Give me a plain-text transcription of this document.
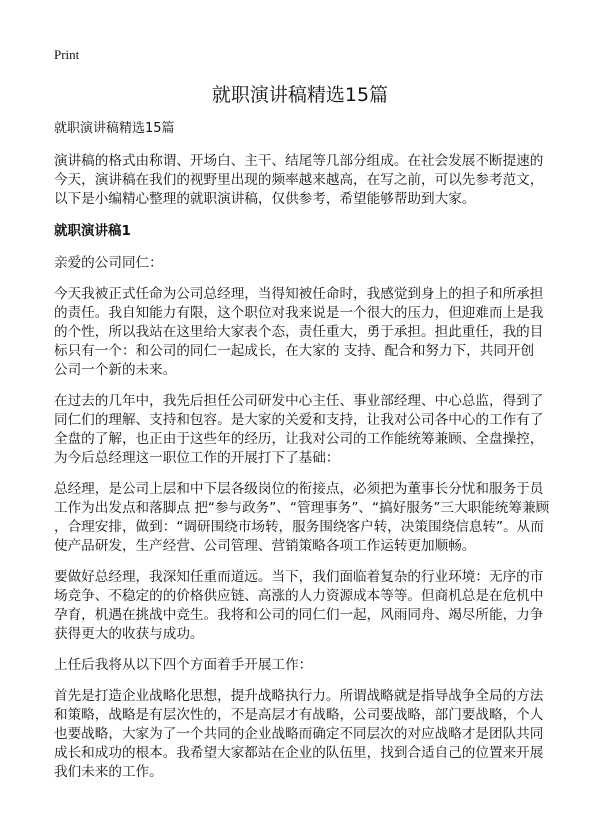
Print
就职演讲稿精选15篇
就职演讲稿精选15篇

演讲稿的格式由称谓、开场白、主干、结尾等几部分组成。在社会发展不断提速的
今天，演讲稿在我们的视野里出现的频率越来越高，在写之前，可以先参考范文，
以下是小编精心整理的就职演讲稿，仅供参考，希望能够帮助到大家。

就职演讲稿1

亲爱的公司同仁：

今天我被正式任命为公司总经理，当得知被任命时，我感觉到身上的担子和所承担
的责任。我自知能力有限，这个职位对我来说是一个很大的压力，但迎难而上是我
的个性，所以我站在这里给大家表个态，责任重大，勇于承担。担此重任，我的目
标只有一个：和公司的同仁一起成长，在大家的 支持、配合和努力下，共同开创
公司一个新的未来。

在过去的几年中，我先后担任公司研发中心主任、事业部经理、中心总监，得到了
同仁们的理解、支持和包容。是大家的关爱和支持，让我对公司各中心的工作有了
全盘的了解，也正由于这些年的经历，让我对公司的工作能统筹兼顾、全盘操控，
为今后总经理这一职位工作的开展打下了基础：

总经理，是公司上层和中下层各级岗位的衔接点，必须把为董事长分忧和服务于员
工作为出发点和落脚点 把“参与政务”、“管理事务”、“搞好服务”三大职能统筹兼顾
，合理安排，做到：“调研围绕市场转，服务围绕客户转，决策围绕信息转”。从而
使产品研发，生产经营、公司管理、营销策略各项工作运转更加顺畅。

要做好总经理，我深知任重而道远。当下，我们面临着复杂的行业环境：无序的市
场竞争、不稳定的的价格供应链、高涨的人力资源成本等等。但商机总是在危机中
孕育，机遇在挑战中竞生。我将和公司的同仁们一起，风雨同舟、竭尽所能，力争
获得更大的收获与成功。

上任后我将从以下四个方面着手开展工作：

首先是打造企业战略化思想，提升战略执行力。所谓战略就是指导战争全局的方法
和策略，战略是有层次性的，不是高层才有战略，公司要战略，部门要战略，个人
也要战略，大家为了一个共同的企业战略而确定不同层次的对应战略才是团队共同
成长和成功的根本。我希望大家都站在企业的队伍里，找到合适自己的位置来开展
我们未来的工作。
